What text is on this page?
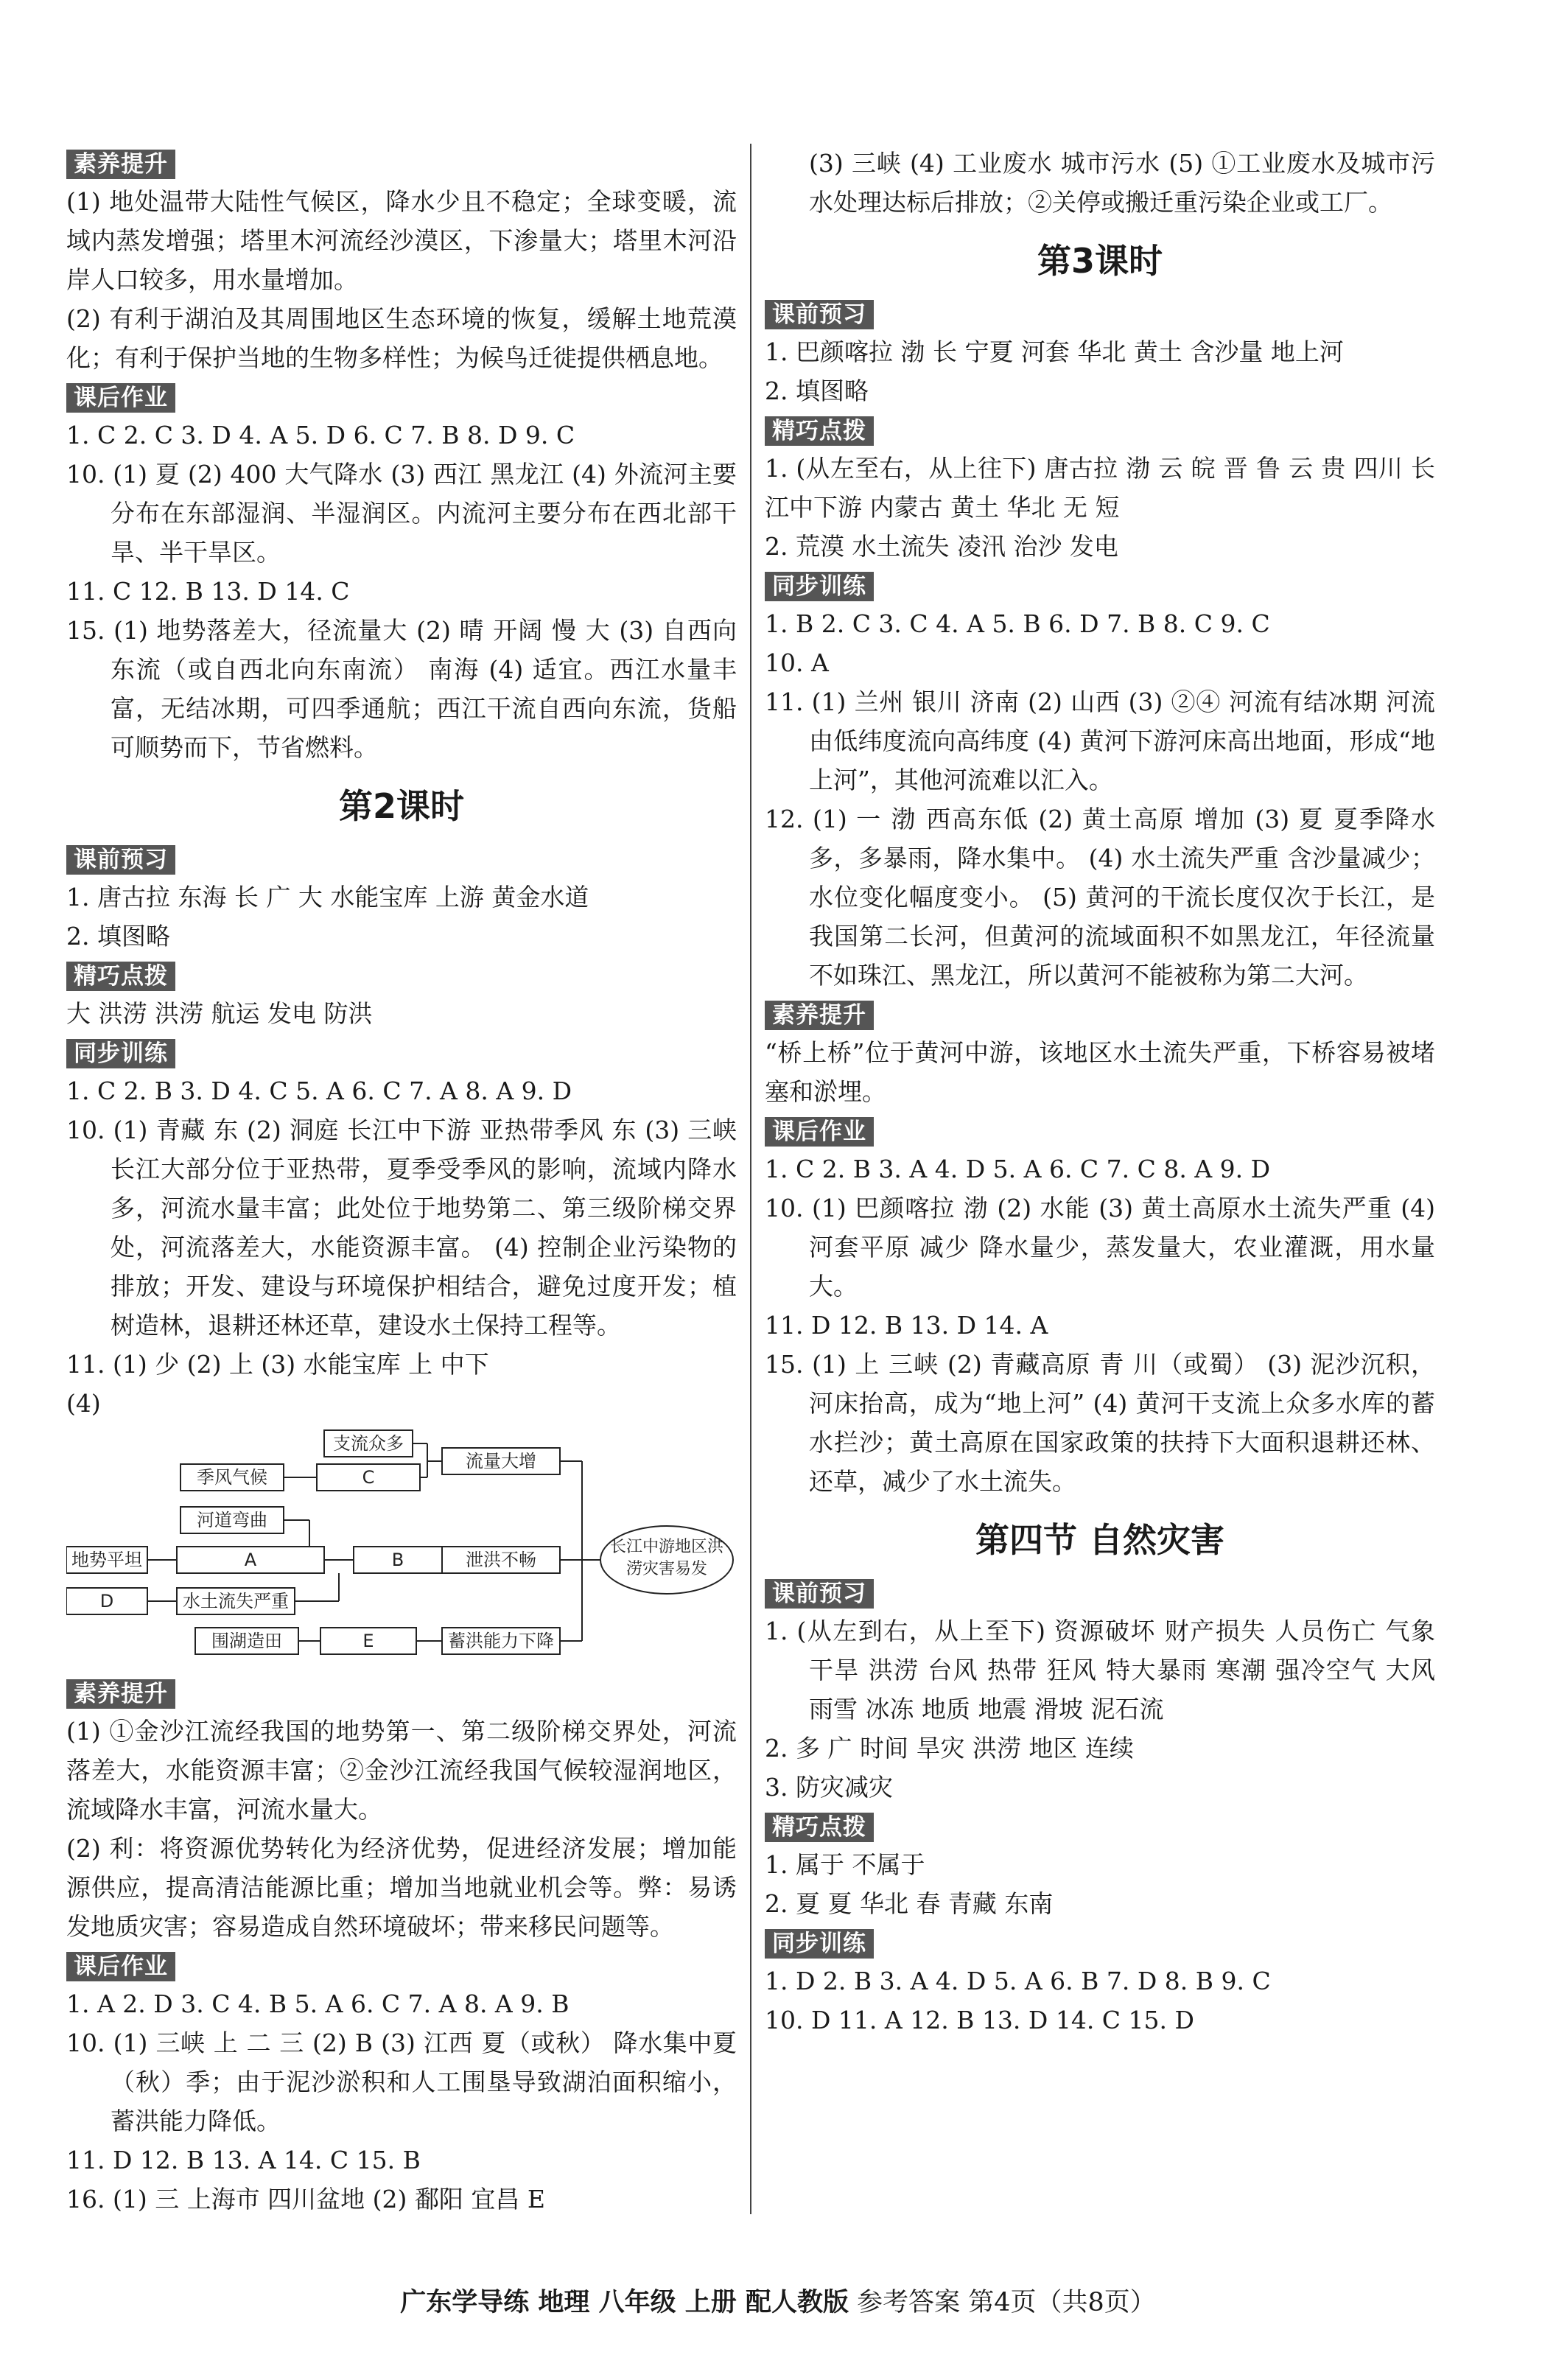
素养提升

(1) 地处温带大陆性气候区，降水少且不稳定；全球变暖，流域内蒸发增强；塔里木河流经沙漠区，下渗量大；塔里木河沿岸人口较多，用水量增加。

(2) 有利于湖泊及其周围地区生态环境的恢复，缓解土地荒漠化；有利于保护当地的生物多样性；为候鸟迁徙提供栖息地。

课后作业

1. C 2. C 3. D 4. A 5. D 6. C 7. B 8. D 9. C

10. (1) 夏 (2) 400 大气降水 (3) 西江 黑龙江 (4) 外流河主要分布在东部湿润、半湿润区。内流河主要分布在西北部干旱、半干旱区。

11. C 12. B 13. D 14. C

15. (1) 地势落差大，径流量大 (2) 晴 开阔 慢 大 (3) 自西向东流（或自西北向东南流） 南海 (4) 适宜。西江水量丰富，无结冰期，可四季通航；西江干流自西向东流，货船可顺势而下，节省燃料。

第2课时
课前预习

1. 唐古拉 东海 长 广 大 水能宝库 上游 黄金水道

2. 填图略

精巧点拨

大 洪涝 洪涝 航运 发电 防洪

同步训练

1. C 2. B 3. D 4. C 5. A 6. C 7. A 8. A 9. D

10. (1) 青藏 东 (2) 洞庭 长江中下游 亚热带季风 东 (3) 三峡 长江大部分位于亚热带，夏季受季风的影响，流域内降水多，河流水量丰富；此处位于地势第二、第三级阶梯交界处，河流落差大，水能资源丰富。 (4) 控制企业污染物的排放；开发、建设与环境保护相结合，避免过度开发；植树造林，退耕还林还草，建设水土保持工程等。

11. (1) 少 (2) 上 (3) 水能宝库 上 中下

(4)

支流众多
季风气候	C
流量大增
河道弯曲
地势平坦	A	B	泄洪不畅
D	水土流失严重
围湖造田	E	蓄洪能力下降
长江中游地区洪涝灾害易发
素养提升

(1) ①金沙江流经我国的地势第一、第二级阶梯交界处，河流落差大，水能资源丰富；②金沙江流经我国气候较湿润地区，流域降水丰富，河流水量大。

(2) 利：将资源优势转化为经济优势，促进经济发展；增加能源供应，提高清洁能源比重；增加当地就业机会等。弊：易诱发地质灾害；容易造成自然环境破坏；带来移民问题等。

课后作业

1. A 2. D 3. C 4. B 5. A 6. C 7. A 8. A 9. B

10. (1) 三峡 上 二 三 (2) B (3) 江西 夏（或秋） 降水集中夏（秋）季；由于泥沙淤积和人工围垦导致湖泊面积缩小，蓄洪能力降低。

11. D 12. B 13. A 14. C 15. B

16. (1) 三 上海市 四川盆地 (2) 鄱阳 宜昌 E

(3) 三峡 (4) 工业废水 城市污水 (5) ①工业废水及城市污水处理达标后排放；②关停或搬迁重污染企业或工厂。

第3课时
课前预习

1. 巴颜喀拉 渤 长 宁夏 河套 华北 黄土 含沙量 地上河

2. 填图略

精巧点拨

1. (从左至右，从上往下) 唐古拉 渤 云 皖 晋 鲁 云 贵 四川 长江中下游 内蒙古 黄土 华北 无 短

2. 荒漠 水土流失 凌汛 治沙 发电

同步训练

1. B 2. C 3. C 4. A 5. B 6. D 7. B 8. C 9. C

10. A

11. (1) 兰州 银川 济南 (2) 山西 (3) ②④ 河流有结冰期 河流由低纬度流向高纬度 (4) 黄河下游河床高出地面，形成“地上河”，其他河流难以汇入。

12. (1) 一 渤 西高东低 (2) 黄土高原 增加 (3) 夏 夏季降水多，多暴雨，降水集中。 (4) 水土流失严重 含沙量减少；水位变化幅度变小。 (5) 黄河的干流长度仅次于长江，是我国第二长河，但黄河的流域面积不如黑龙江，年径流量不如珠江、黑龙江，所以黄河不能被称为第二大河。

素养提升

“桥上桥”位于黄河中游，该地区水土流失严重，下桥容易被堵塞和淤埋。

课后作业

1. C 2. B 3. A 4. D 5. A 6. C 7. C 8. A 9. D

10. (1) 巴颜喀拉 渤 (2) 水能 (3) 黄土高原水土流失严重 (4) 河套平原 减少 降水量少，蒸发量大，农业灌溉，用水量大。

11. D 12. B 13. D 14. A

15. (1) 上 三峡 (2) 青藏高原 青 川（或蜀） (3) 泥沙沉积，河床抬高，成为“地上河” (4) 黄河干支流上众多水库的蓄水拦沙；黄土高原在国家政策的扶持下大面积退耕还林、还草，减少了水土流失。

第四节 自然灾害
课前预习

1. (从左到右，从上至下) 资源破坏 财产损失 人员伤亡 气象 干旱 洪涝 台风 热带 狂风 特大暴雨 寒潮 强冷空气 大风 雨雪 冰冻 地质 地震 滑坡 泥石流

2. 多 广 时间 旱灾 洪涝 地区 连续

3. 防灾减灾

精巧点拨

1. 属于 不属于

2. 夏 夏 华北 春 青藏 东南

同步训练

1. D 2. B 3. A 4. D 5. A 6. B 7. D 8. B 9. C

10. D 11. A 12. B 13. D 14. C 15. D

广东学导练 地理 八年级 上册 配人教版 参考答案 第4页（共8页）
